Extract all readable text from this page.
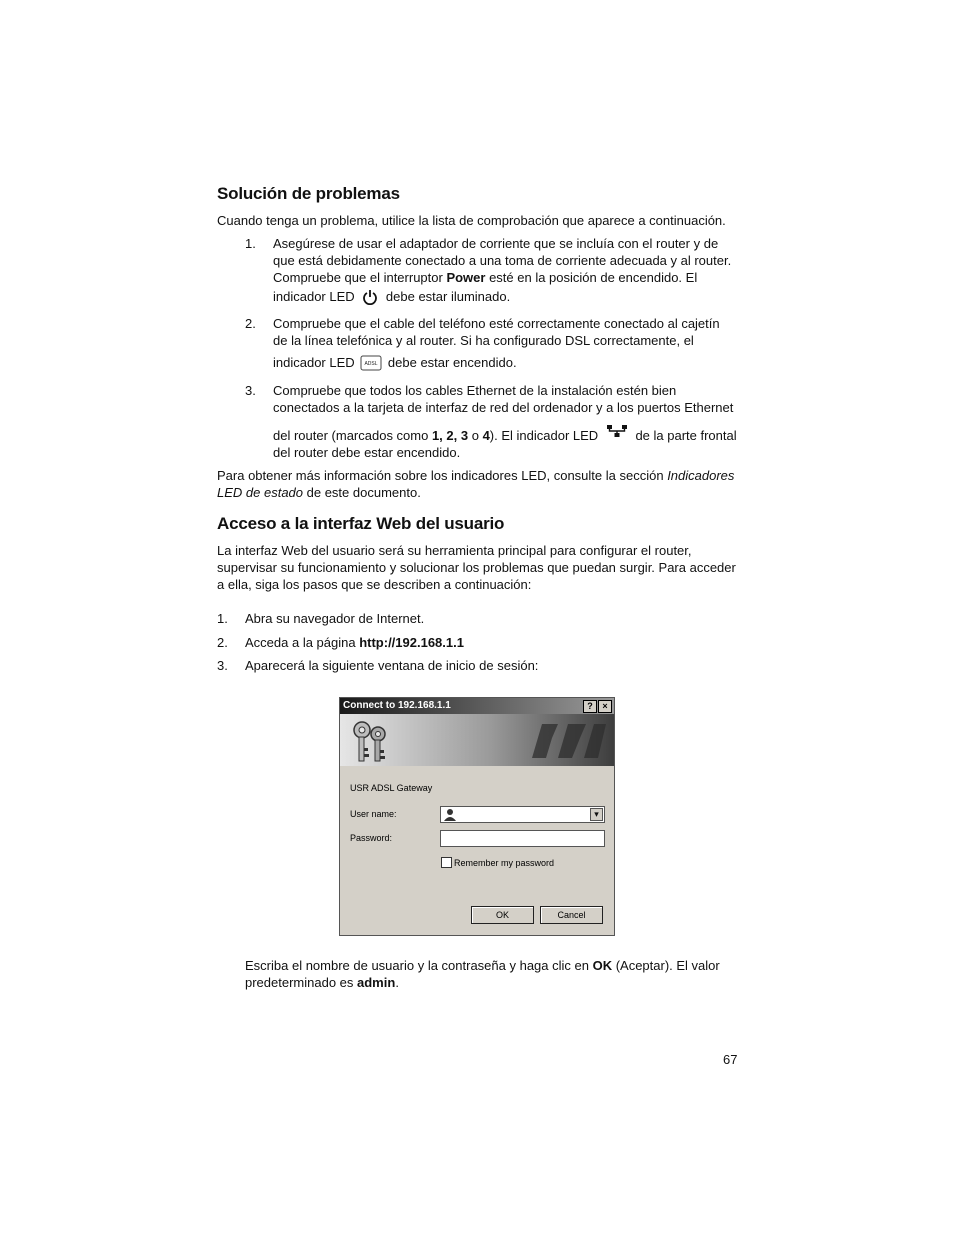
Solución de problemas

Cuando tenga un problema, utilice la lista de comprobación que aparece a continuación.

1. Asegúrese de usar el adaptador de corriente que se incluía con el router y de
que está debidamente conectado a una toma de corriente adecuada y al router.
Compruebe que el interruptor Power esté en la posición de encendido. El
indicador LED debe estar iluminado.
2. Compruebe que el cable del teléfono esté correctamente conectado al cajetín
de la línea telefónica y al router. Si ha configurado DSL correctamente, el
indicador LED ADSL debe estar encendido.
3. Compruebe que todos los cables Ethernet de la instalación estén bien
conectados a la tarjeta de interfaz de red del ordenador y a los puertos Ethernet
del router (marcados como 1, 2, 3 o 4). El indicador LED	de la parte frontal
del router debe estar encendido.

Para obtener más información sobre los indicadores LED, consulte la sección Indicadores
LED de estado de este documento.

Acceso a la interfaz Web del usuario

La interfaz Web del usuario será su herramienta principal para configurar el router,
supervisar su funcionamiento y solucionar los problemas que puedan surgir. Para acceder
a ella, siga los pasos que se describen a continuación:

1. Abra su navegador de Internet.
2. Acceda a la página http://192.168.1.1
3. Aparecerá la siguiente ventana de inicio de sesión:
Connect to 192.168.1.1	?	×
USR ADSL Gateway
User name:	▾
Password:
Remember my password
OK	Cancel

Escriba el nombre de usuario y la contraseña y haga clic en OK (Aceptar). El valor
predeterminado es admin.

67
